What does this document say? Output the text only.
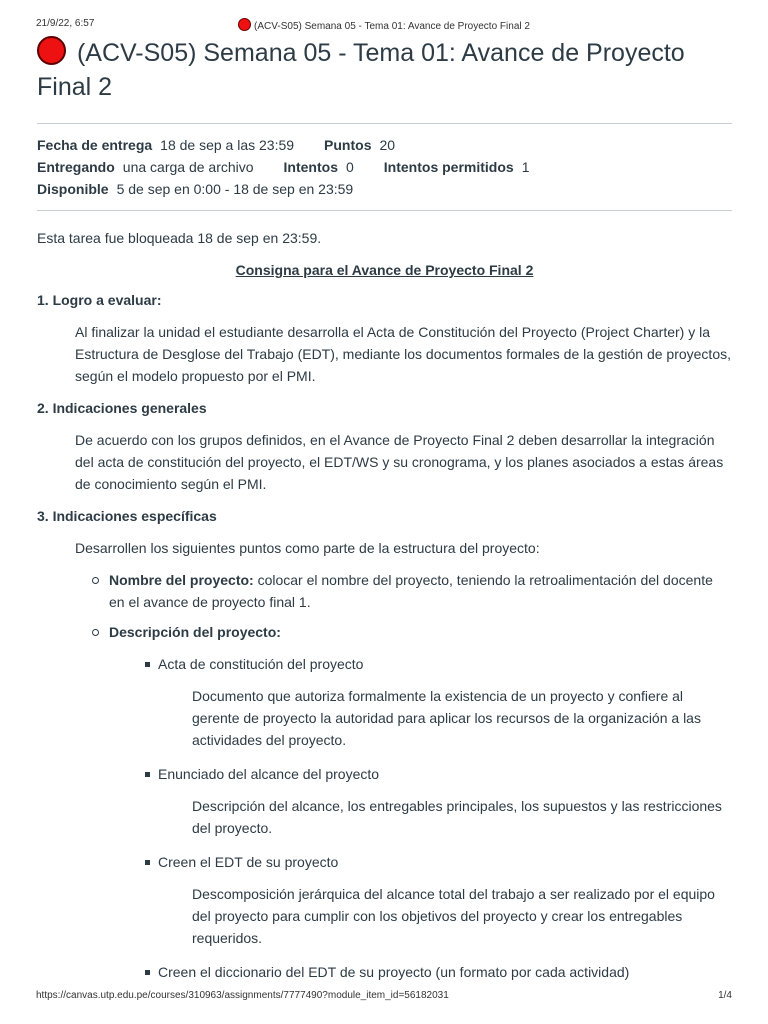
21/9/22, 6:57	(ACV-S05) Semana 05 - Tema 01: Avance de Proyecto Final 2
(ACV-S05) Semana 05 - Tema 01: Avance de Proyecto Final 2
Fecha de entrega 18 de sep a las 23:59 Puntos 20
Entregando una carga de archivo Intentos 0 Intentos permitidos 1
Disponible 5 de sep en 0:00 - 18 de sep en 23:59
Esta tarea fue bloqueada 18 de sep en 23:59.
Consigna para el Avance de Proyecto Final 2
1. Logro a evaluar:
Al finalizar la unidad el estudiante desarrolla el Acta de Constitución del Proyecto (Project Charter) y la Estructura de Desglose del Trabajo (EDT), mediante los documentos formales de la gestión de proyectos, según el modelo propuesto por el PMI.
2. Indicaciones generales
De acuerdo con los grupos definidos, en el Avance de Proyecto Final 2 deben desarrollar la integración del acta de constitución del proyecto, el EDT/WS y su cronograma, y los planes asociados a estas áreas de conocimiento según el PMI.
3. Indicaciones específicas
Desarrollen los siguientes puntos como parte de la estructura del proyecto:
Nombre del proyecto: colocar el nombre del proyecto, teniendo la retroalimentación del docente en el avance de proyecto final 1.
Descripción del proyecto:
Acta de constitución del proyecto
Documento que autoriza formalmente la existencia de un proyecto y confiere al gerente de proyecto la autoridad para aplicar los recursos de la organización a las actividades del proyecto.
Enunciado del alcance del proyecto
Descripción del alcance, los entregables principales, los supuestos y las restricciones del proyecto.
Creen el EDT de su proyecto
Descomposición jerárquica del alcance total del trabajo a ser realizado por el equipo del proyecto para cumplir con los objetivos del proyecto y crear los entregables requeridos.
Creen el diccionario del EDT de su proyecto (un formato por cada actividad)
https://canvas.utp.edu.pe/courses/310963/assignments/7777490?module_item_id=56182031	1/4
